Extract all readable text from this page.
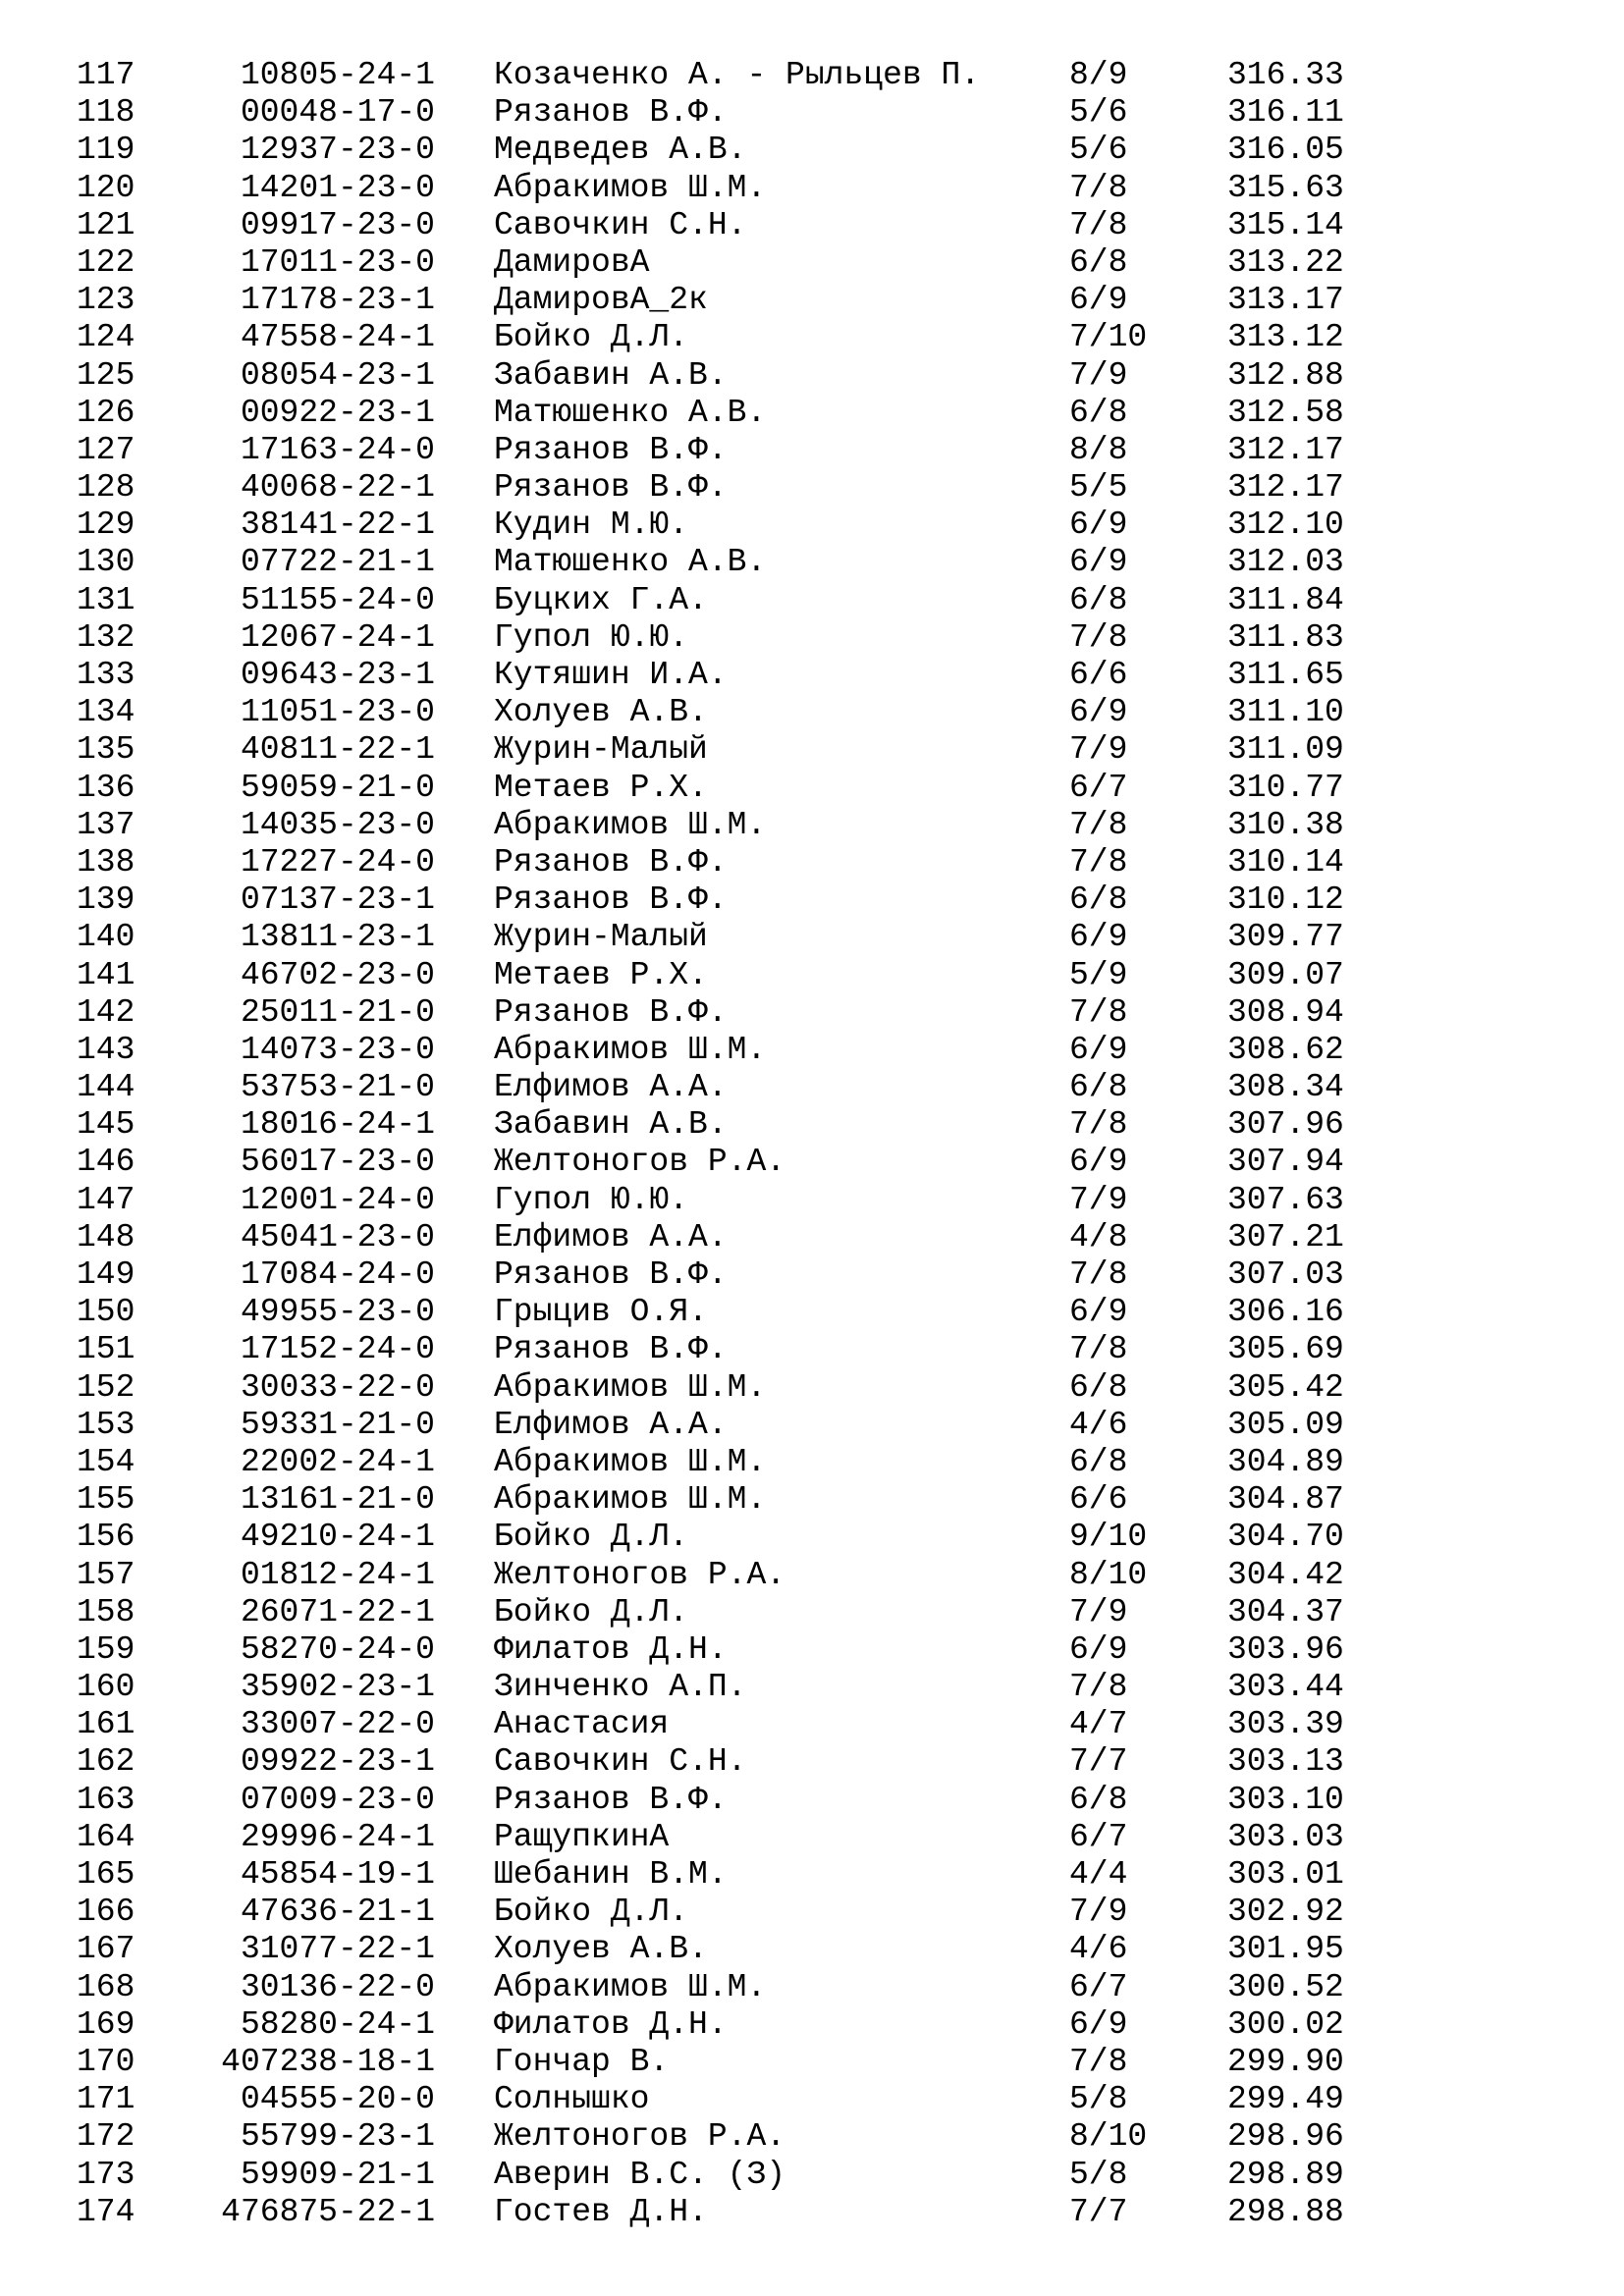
117	10805-24-1 Козаченко А. - Рыльцев П.	8/9	316.33
118	00048-17-0 Рязанов В.Ф.	5/6	316.11
119	12937-23-0 Медведев А.В.	5/6	316.05
120	14201-23-0 Абракимов Ш.М.	7/8	315.63
121	09917-23-0 Савочкин С.Н.	7/8	315.14
122	17011-23-0 ДамировА	6/8	313.22
123	17178-23-1 ДамировА_2к	6/9	313.17
124	47558-24-1 Бойко Д.Л.	7/10 313.12
125	08054-23-1 Забавин А.В.	7/9	312.88
126	00922-23-1 Матюшенко А.В.	6/8	312.58
127	17163-24-0 Рязанов В.Ф.	8/8	312.17
128	40068-22-1 Рязанов В.Ф.	5/5	312.17
129	38141-22-1 Кудин М.Ю.	6/9	312.10
130	07722-21-1 Матюшенко А.В.	6/9	312.03
131	51155-24-0 Буцких Г.А.	6/8	311.84
132	12067-24-1 Гупол Ю.Ю.	7/8	311.83
133	09643-23-1 Кутяшин И.А.	6/6	311.65
134	11051-23-0 Холуев А.В.	6/9	311.10
135	40811-22-1 Журин-Малый	7/9	311.09
136	59059-21-0 Метаев Р.Х.	6/7	310.77
137	14035-23-0 Абракимов Ш.М.	7/8	310.38
138	17227-24-0 Рязанов В.Ф.	7/8	310.14
139	07137-23-1 Рязанов В.Ф.	6/8	310.12
140	13811-23-1 Журин-Малый	6/9	309.77
141	46702-23-0 Метаев Р.Х.	5/9	309.07
142	25011-21-0 Рязанов В.Ф.	7/8	308.94
143	14073-23-0 Абракимов Ш.М.	6/9	308.62
144	53753-21-0 Елфимов А.А.	6/8	308.34
145	18016-24-1 Забавин А.В.	7/8	307.96
146	56017-23-0 Желтоногов Р.А.	6/9	307.94
147	12001-24-0 Гупол Ю.Ю.	7/9	307.63
148	45041-23-0 Елфимов А.А.	4/8	307.21
149	17084-24-0 Рязанов В.Ф.	7/8	307.03
150	49955-23-0 Грыцив О.Я.	6/9	306.16
151	17152-24-0 Рязанов В.Ф.	7/8	305.69
152	30033-22-0 Абракимов Ш.М.	6/8	305.42
153	59331-21-0 Елфимов А.А.	4/6	305.09
154	22002-24-1 Абракимов Ш.М.	6/8	304.89
155	13161-21-0 Абракимов Ш.М.	6/6	304.87
156	49210-24-1 Бойко Д.Л.	9/10 304.70
157	01812-24-1 Желтоногов Р.А.	8/10 304.42
158	26071-22-1 Бойко Д.Л.	7/9	304.37
159	58270-24-0 Филатов Д.Н.	6/9	303.96
160	35902-23-1 Зинченко А.П.	7/8	303.44
161	33007-22-0 Анастасия	4/7	303.39
162	09922-23-1 Савочкин С.Н.	7/7	303.13
163	07009-23-0 Рязанов В.Ф.	6/8	303.10
164	29996-24-1 РащупкинА	6/7	303.03
165	45854-19-1 Шебанин В.М.	4/4	303.01
166	47636-21-1 Бойко Д.Л.	7/9	302.92
167	31077-22-1 Холуев А.В.	4/6	301.95
168	30136-22-0 Абракимов Ш.М.	6/7	300.52
169	58280-24-1 Филатов Д.Н.	6/9	300.02
170	407238-18-1 Гончар В.	7/8	299.90
171	04555-20-0 Солнышко	5/8	299.49
172	55799-23-1 Желтоногов Р.А.	8/10 298.96
173	59909-21-1 Аверин В.С. (З)	5/8	298.89
174	476875-22-1 Гостев Д.Н.	7/7	298.88
